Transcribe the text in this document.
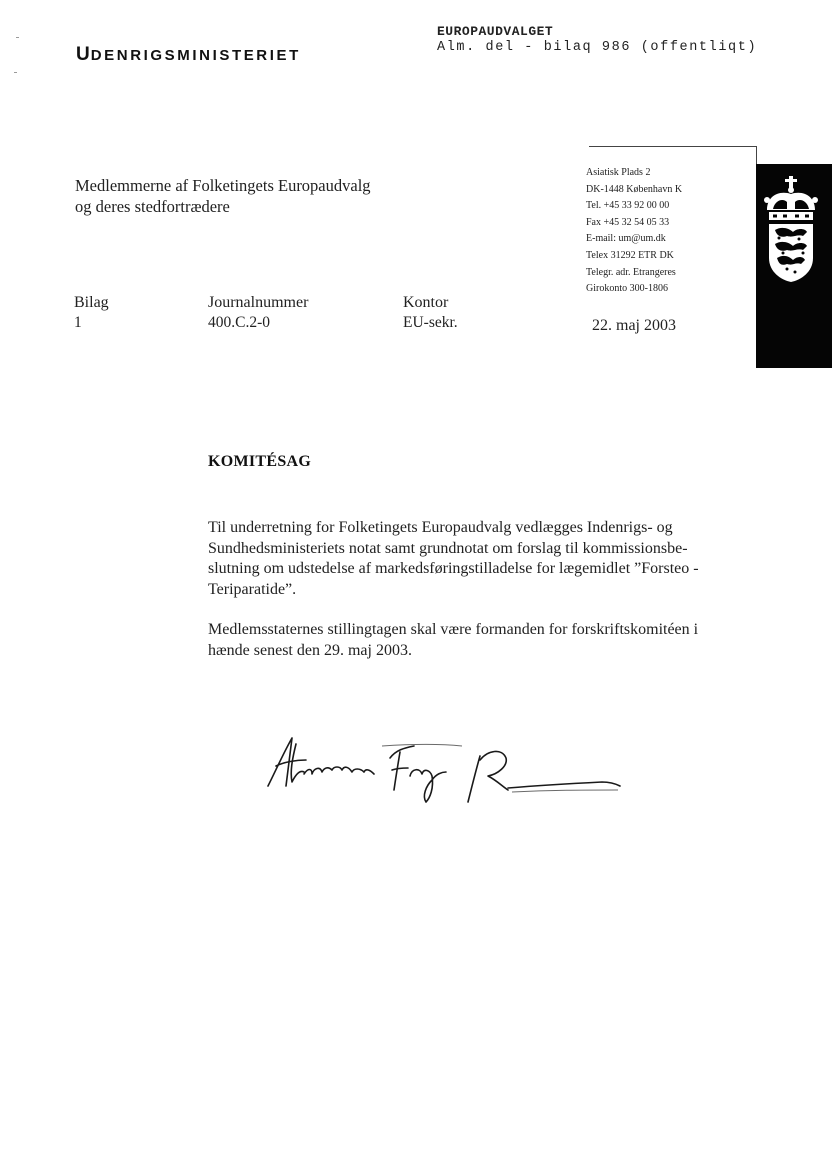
UDENRIGSMINISTERIET
EUROPAUDVALGET
Alm. del - bilaq 986 (offentliqt)
Medlemmerne af Folketingets Europaudvalg
og deres stedfortrædere
Asiatisk Plads 2
DK-1448 København K
Tel. +45 33 92 00 00
Fax +45 32 54 05 33
E-mail: um@um.dk
Telex 31292 ETR DK
Telegr. adr. Etrangeres
Girokonto 300-1806
Bilag
1
Journalnummer
400.C.2-0
Kontor
EU-sekr.	22. maj 2003
KOMITÉSAG
Til underretning for Folketingets Europaudvalg vedlægges Indenrigs- og
Sundhedsministeriets notat samt grundnotat om forslag til kommissionsbe-
slutning om udstedelse af markedsføringstilladelse for lægemidlet ”Forsteo -
Teriparatide”.
Medlemsstaternes stillingtagen skal være formanden for forskriftskomitéen i
hænde senest den 29. maj 2003.
